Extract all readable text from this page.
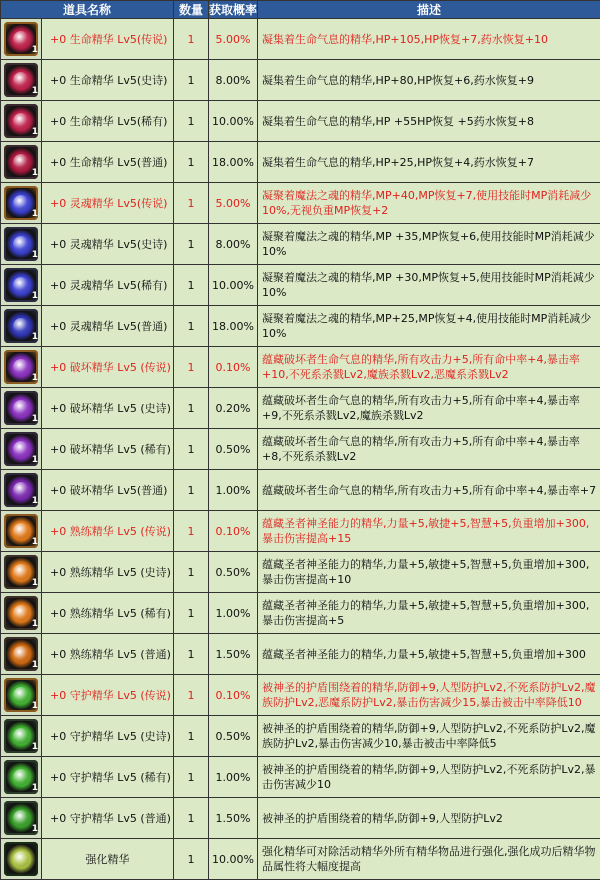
道具名称		数量	获取概率	描述

1	+0 生命精华 Lv5(传说)	1	5.00%	凝集着生命气息的精华,HP+105,HP恢复+7,药水恢复+10

1	+0 生命精华 Lv5(史诗)	1	8.00%	凝集着生命气息的精华,HP+80,HP恢复+6,药水恢复+9

1	+0 生命精华 Lv5(稀有)	1	10.00%	凝集着生命气息的精华,HP +55HP恢复 +5药水恢复+8

1	+0 生命精华 Lv5(普通)	1	18.00%	凝集着生命气息的精华,HP+25,HP恢复+4,药水恢复+7

1	+0 灵魂精华 Lv5(传说)	1	5.00%	凝聚着魔法之魂的精华,MP+40,MP恢复+7,使用技能时MP消耗减少10%,无视负重MP恢复+2

1	+0 灵魂精华 Lv5(史诗)	1	8.00%	凝聚着魔法之魂的精华,MP +35,MP恢复+6,使用技能时MP消耗减少 10%

1	+0 灵魂精华 Lv5(稀有)	1	10.00%	凝聚着魔法之魂的精华,MP +30,MP恢复+5,使用技能时MP消耗减少 10%

1	+0 灵魂精华 Lv5(普通)	1	18.00%	凝聚着魔法之魂的精华,MP+25,MP恢复+4,使用技能时MP消耗减少10%

1	+0 破坏精华 Lv5 (传说)	1	0.10%	蕴藏破坏者生命气息的精华,所有攻击力+5,所有命中率+4,暴击率+10,不死系杀戮Lv2,魔族杀戮Lv2,恶魔系杀戮Lv2

1	+0 破坏精华 Lv5 (史诗)	1	0.20%	蕴藏破坏者生命气息的精华,所有攻击力+5,所有命中率+4,暴击率+9,不死系杀戮Lv2,魔族杀戮Lv2

1	+0 破坏精华 Lv5 (稀有)	1	0.50%	蕴藏破坏者生命气息的精华,所有攻击力+5,所有命中率+4,暴击率+8,不死系杀戮Lv2

1	+0 破坏精华 Lv5(普通)	1	1.00%	蕴藏破坏者生命气息的精华,所有攻击力+5,所有命中率+4,暴击率+7

1	+0 熟练精华 Lv5 (传说)	1	0.10%	蕴藏圣者神圣能力的精华,力量+5,敏捷+5,智慧+5,负重增加+300,暴击伤害提高+15

1	+0 熟练精华 Lv5 (史诗)	1	0.50%	蕴藏圣者神圣能力的精华,力量+5,敏捷+5,智慧+5,负重增加+300,暴击伤害提高+10

1	+0 熟练精华 Lv5 (稀有)	1	1.00%	蕴藏圣者神圣能力的精华,力量+5,敏捷+5,智慧+5,负重增加+300,暴击伤害提高+5

1	+0 熟练精华 Lv5 (普通)	1	1.50%	蕴藏圣者神圣能力的精华,力量+5,敏捷+5,智慧+5,负重增加+300

1	+0 守护精华 Lv5 (传说)	1	0.10%	被神圣的护盾围绕着的精华,防御+9,人型防护Lv2,不死系防护Lv2,魔族防护Lv2,恶魔系防护Lv2,暴击伤害减少15,暴击被击中率降低10

1	+0 守护精华 Lv5 (史诗)	1	0.50%	被神圣的护盾围绕着的精华,防御+9,人型防护Lv2,不死系防护Lv2,魔族防护Lv2,暴击伤害减少10,暴击被击中率降低5

1	+0 守护精华 Lv5 (稀有)	1	1.00%	被神圣的护盾围绕着的精华,防御+9,人型防护Lv2,不死系防护Lv2,暴击伤害减少10

1	+0 守护精华 Lv5 (普通)	1	1.50%	被神圣的护盾围绕着的精华,防御+9,人型防护Lv2

	强化精华	1	10.00%	强化精华可对除活动精华外所有精华物品进行强化,强化成功后精华物品属性将大幅度提高
